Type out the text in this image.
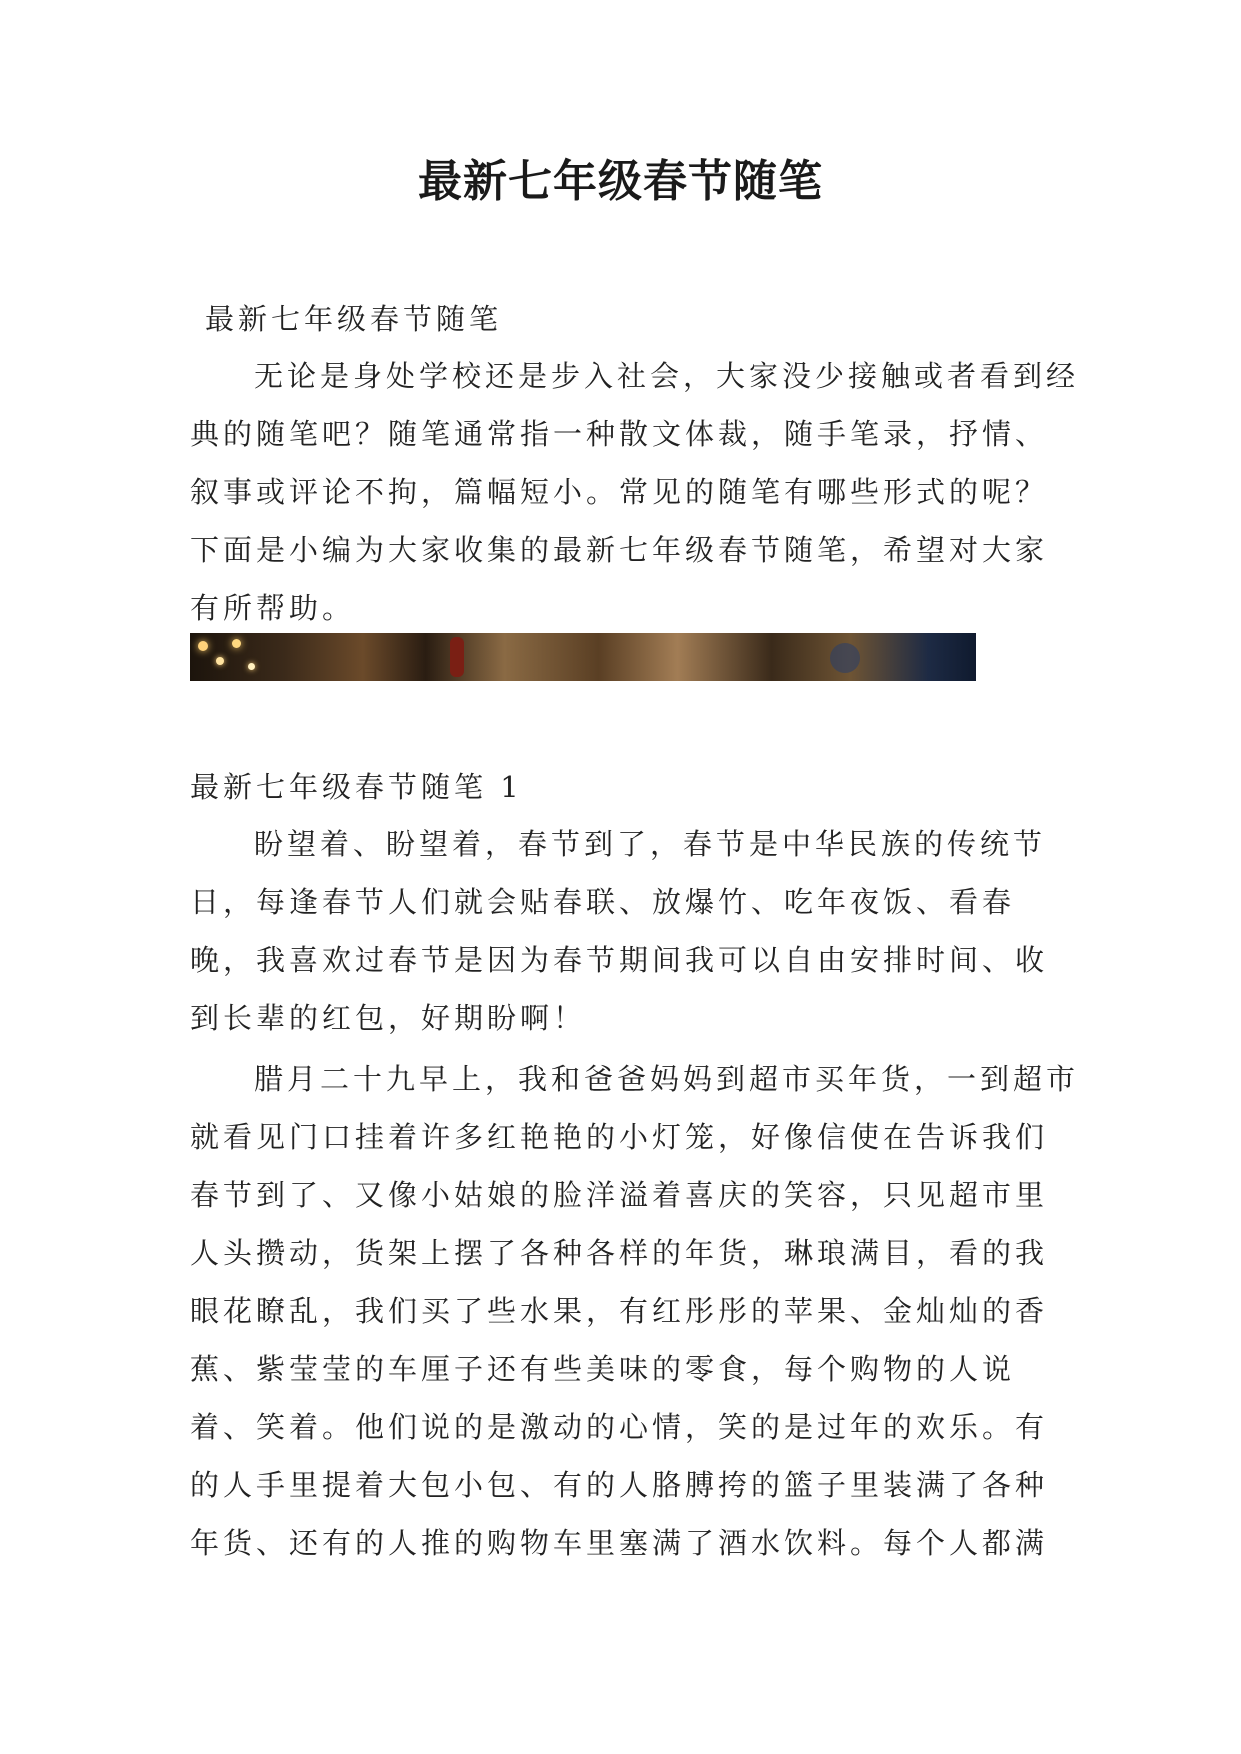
最新七年级春节随笔
最新七年级春节随笔

无论是身处学校还是步入社会，大家没少接触或者看到经典的随笔吧？随笔通常指一种散文体裁，随手笔录，抒情、叙事或评论不拘，篇幅短小。常见的随笔有哪些形式的呢？下面是小编为大家收集的最新七年级春节随笔，希望对大家有所帮助。

最新七年级春节随笔 1

盼望着、盼望着，春节到了，春节是中华民族的传统节日，每逢春节人们就会贴春联、放爆竹、吃年夜饭、看春晚，我喜欢过春节是因为春节期间我可以自由安排时间、收到长辈的红包，好期盼啊！

腊月二十九早上，我和爸爸妈妈到超市买年货，一到超市就看见门口挂着许多红艳艳的小灯笼，好像信使在告诉我们春节到了、又像小姑娘的脸洋溢着喜庆的笑容，只见超市里人头攒动，货架上摆了各种各样的年货，琳琅满目，看的我眼花瞭乱，我们买了些水果，有红彤彤的苹果、金灿灿的香蕉、紫莹莹的车厘子还有些美味的零食，每个购物的人说着、笑着。他们说的是激动的心情，笑的是过年的欢乐。有的人手里提着大包小包、有的人胳膊挎的篮子里装满了各种年货、还有的人推的购物车里塞满了酒水饮料。每个人都满
